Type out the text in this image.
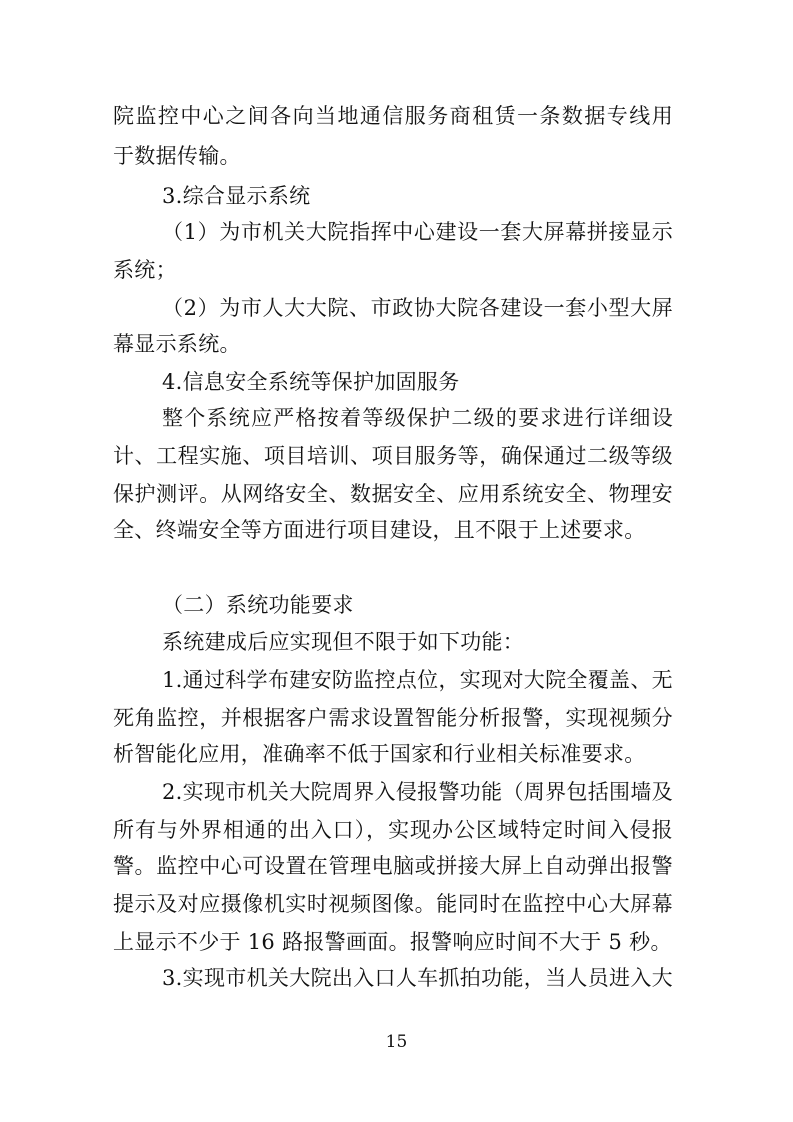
院监控中心之间各向当地通信服务商租赁一条数据专线用
于数据传输。
3.综合显示系统
（1）为市机关大院指挥中心建设一套大屏幕拼接显示
系统；
（2）为市人大大院、市政协大院各建设一套小型大屏
幕显示系统。
4.信息安全系统等保护加固服务
整个系统应严格按着等级保护二级的要求进行详细设
计、工程实施、项目培训、项目服务等，确保通过二级等级
保护测评。从网络安全、数据安全、应用系统安全、物理安
全、终端安全等方面进行项目建设，且不限于上述要求。
（二）系统功能要求
系统建成后应实现但不限于如下功能：
1.通过科学布建安防监控点位，实现对大院全覆盖、无
死角监控，并根据客户需求设置智能分析报警，实现视频分
析智能化应用，准确率不低于国家和行业相关标准要求。
2.实现市机关大院周界入侵报警功能（周界包括围墙及
所有与外界相通的出入口），实现办公区域特定时间入侵报
警。监控中心可设置在管理电脑或拼接大屏上自动弹出报警
提示及对应摄像机实时视频图像。能同时在监控中心大屏幕
上显示不少于 16 路报警画面。报警响应时间不大于 5 秒。
3.实现市机关大院出入口人车抓拍功能，当人员进入大
15
